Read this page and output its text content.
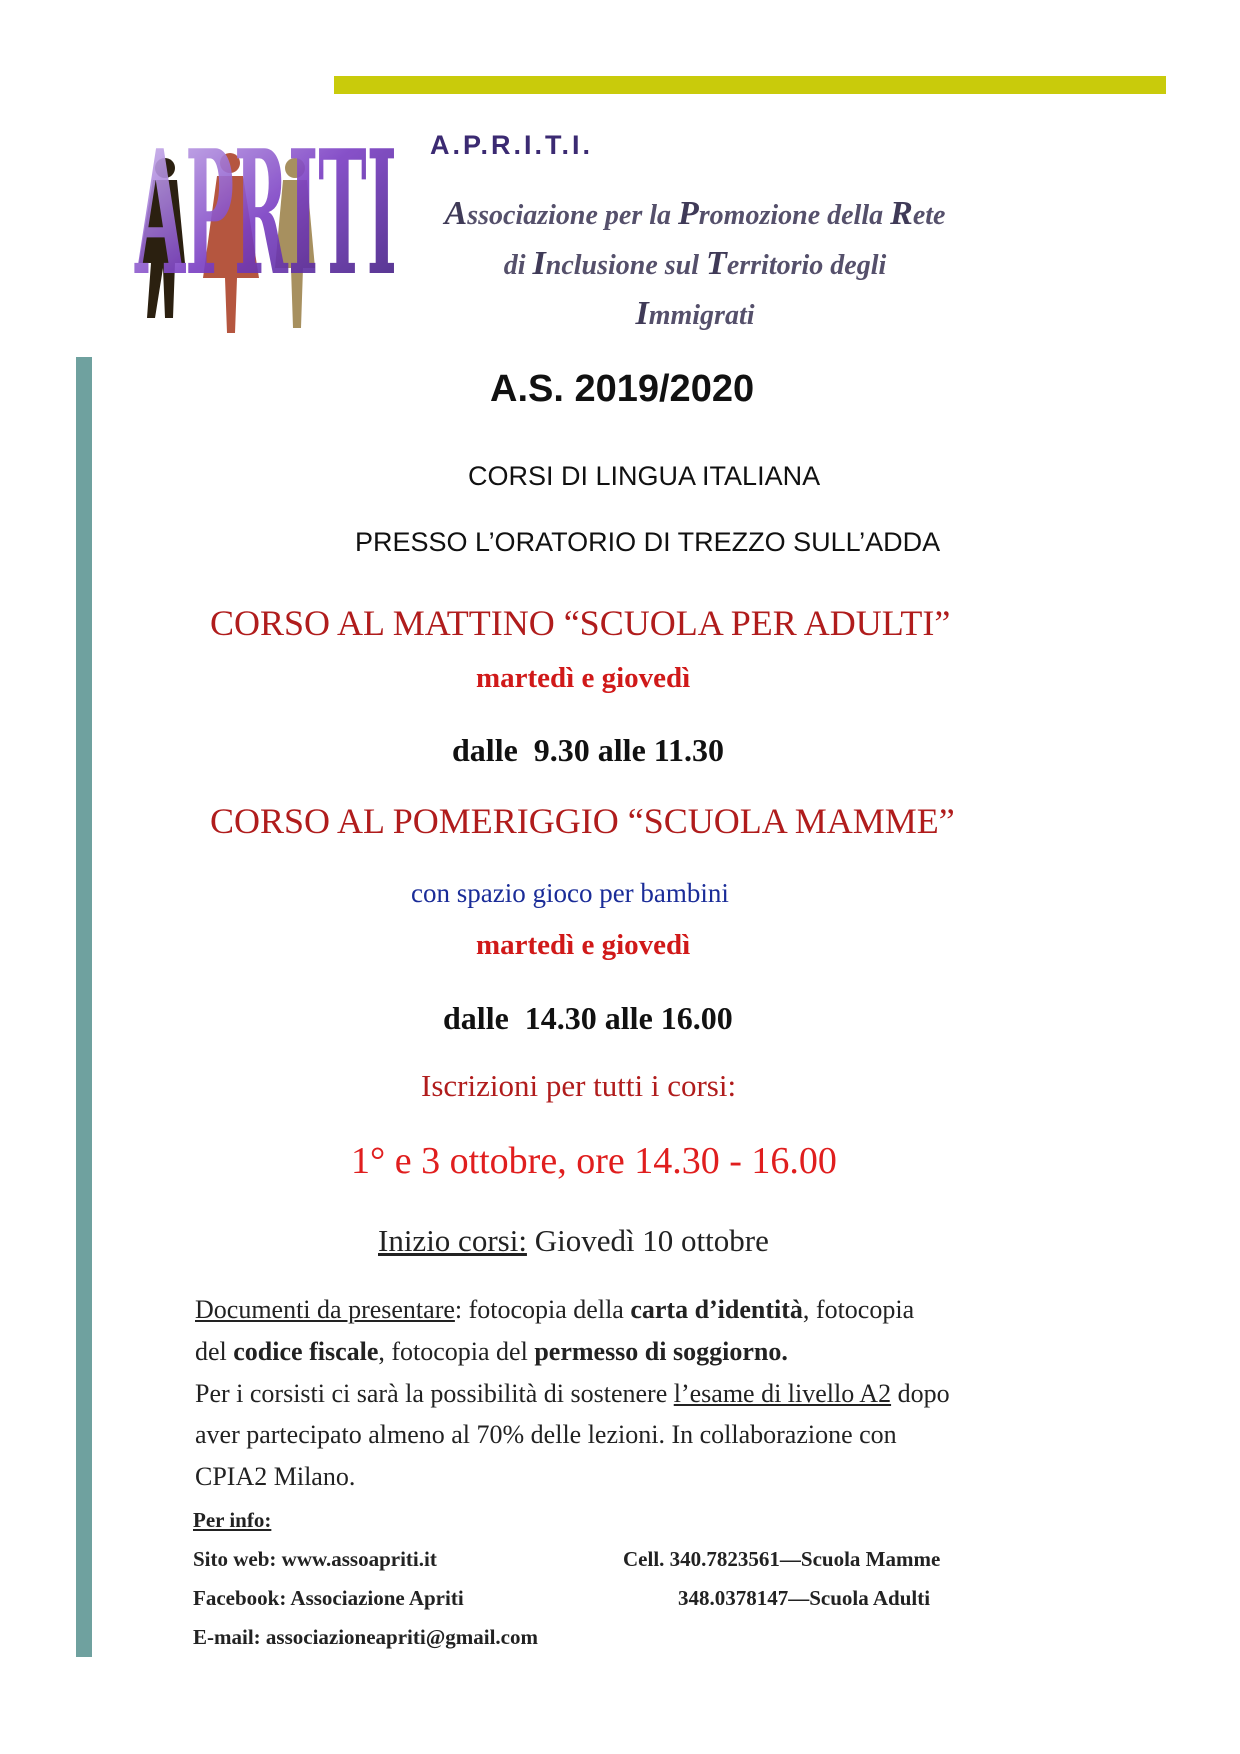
APRITI A.P.R.I.T.I.
Associazione per la Promozione della Rete
di Inclusione sul Territorio degli
Immigrati
A.S. 2019/2020
CORSI DI LINGUA ITALIANA
PRESSO L’ORATORIO DI TREZZO SULL’ADDA
CORSO AL MATTINO “SCUOLA PER ADULTI”
martedì e giovedì
dalle  9.30 alle 11.30
CORSO AL POMERIGGIO “SCUOLA MAMME”
con spazio gioco per bambini
martedì e giovedì
dalle  14.30 alle 16.00
Iscrizioni per tutti i corsi:
1° e 3 ottobre, ore 14.30 - 16.00
Inizio corsi: Giovedì 10 ottobre
Documenti da presentare: fotocopia della carta d’identità, fotocopia
del codice fiscale, fotocopia del permesso di soggiorno.
Per i corsisti ci sarà la possibilità di sostenere l’esame di livello A2 dopo
aver partecipato almeno al 70% delle lezioni. In collaborazione con
CPIA2 Milano.
Per info:
Sito web: www.assoapriti.it
Facebook: Associazione Apriti
E-mail: associazioneapriti@gmail.com
Cell. 340.7823561—Scuola Mamme
348.0378147—Scuola Adulti
